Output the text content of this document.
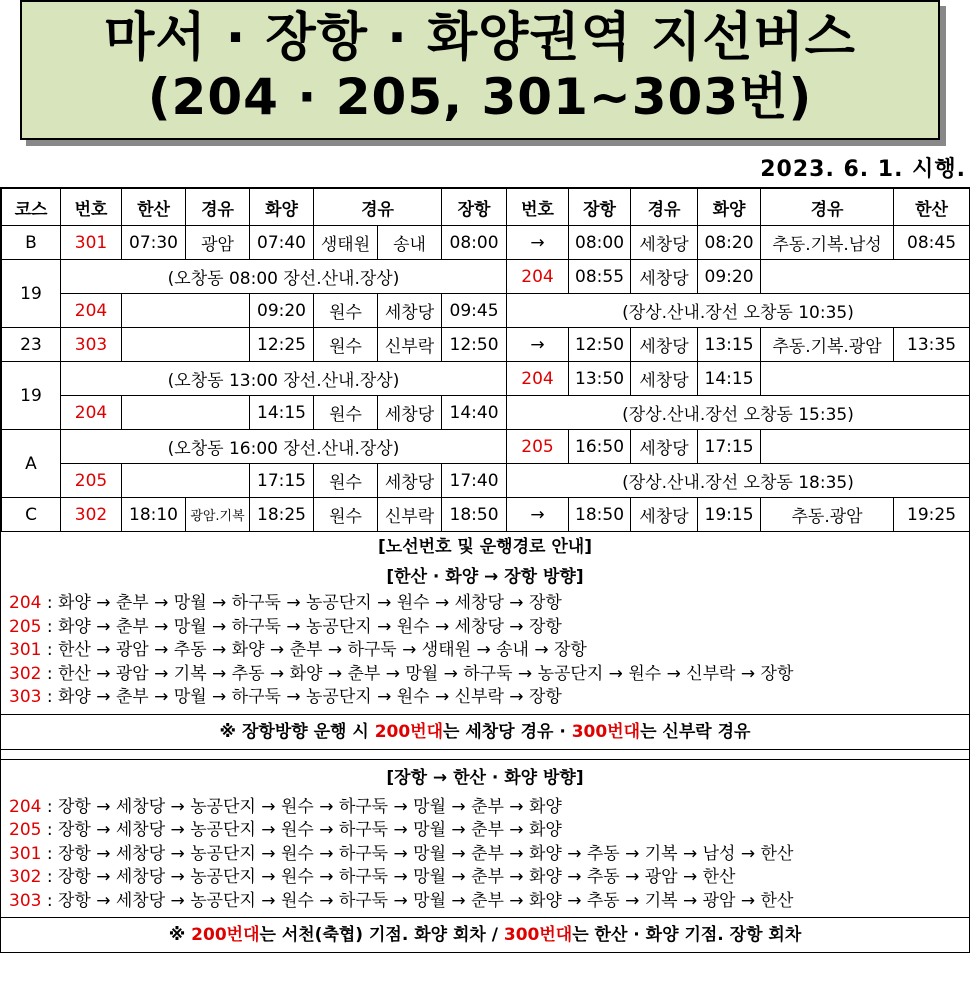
마서 · 장항 · 화양권역 지선버스
(204 · 205, 301~303번)
2023. 6. 1. 시행.
코스	번호	한산	경유	화양	경유		장항	번호	장항	경유	화양	경유	한산
B	301	07:30	광암	07:40	생태원	송내	08:00	→	08:00	세창당	08:20	추동.기복.남성	08:45
19	(오창동 08:00 장선.산내.장상)							204	08:55	세창당	09:20		
	204			09:20	원수	세창당	09:45	(장상.산내.장선 오창동 10:35)					
23	303			12:25	원수	신부락	12:50	→	12:50	세창당	13:15	추동.기복.광암	13:35
19	(오창동 13:00 장선.산내.장상)							204	13:50	세창당	14:15		
	204			14:15	원수	세창당	14:40	(장상.산내.장선 오창동 15:35)					
A	(오창동 16:00 장선.산내.장상)							205	16:50	세창당	17:15		
	205			17:15	원수	세창당	17:40	(장상.산내.장선 오창동 18:35)					
C	302	18:10	광암.기복	18:25	원수	신부락	18:50	→	18:50	세창당	19:15	추동.광암	19:25
[노선번호 및 운행경로 안내]
[한산 · 화양 → 장항 방향]
204 : 화양 → 춘부 → 망월 → 하구둑 → 농공단지 → 원수 → 세창당 → 장항
205 : 화양 → 춘부 → 망월 → 하구둑 → 농공단지 → 원수 → 세창당 → 장항
301 : 한산 → 광암 → 추동 → 화양 → 춘부 → 하구둑 → 생태원 → 송내 → 장항
302 : 한산 → 광암 → 기복 → 추동 → 화양 → 춘부 → 망월 → 하구둑 → 농공단지 → 원수 → 신부락 → 장항
303 : 화양 → 춘부 → 망월 → 하구둑 → 농공단지 → 원수 → 신부락 → 장항
※ 장항방향 운행 시 200번대는 세창당 경유 · 300번대는 신부락 경유
[장항 → 한산 · 화양 방향]
204 : 장항 → 세창당 → 농공단지 → 원수 → 하구둑 → 망월 → 춘부 → 화양
205 : 장항 → 세창당 → 농공단지 → 원수 → 하구둑 → 망월 → 춘부 → 화양
301 : 장항 → 세창당 → 농공단지 → 원수 → 하구둑 → 망월 → 춘부 → 화양 → 추동 → 기복 → 남성 → 한산
302 : 장항 → 세창당 → 농공단지 → 원수 → 하구둑 → 망월 → 춘부 → 화양 → 추동 → 광암 → 한산
303 : 장항 → 세창당 → 농공단지 → 원수 → 하구둑 → 망월 → 춘부 → 화양 → 추동 → 기복 → 광암 → 한산
※ 200번대는 서천(축협) 기점. 화양 회차 / 300번대는 한산 · 화양 기점. 장항 회차
